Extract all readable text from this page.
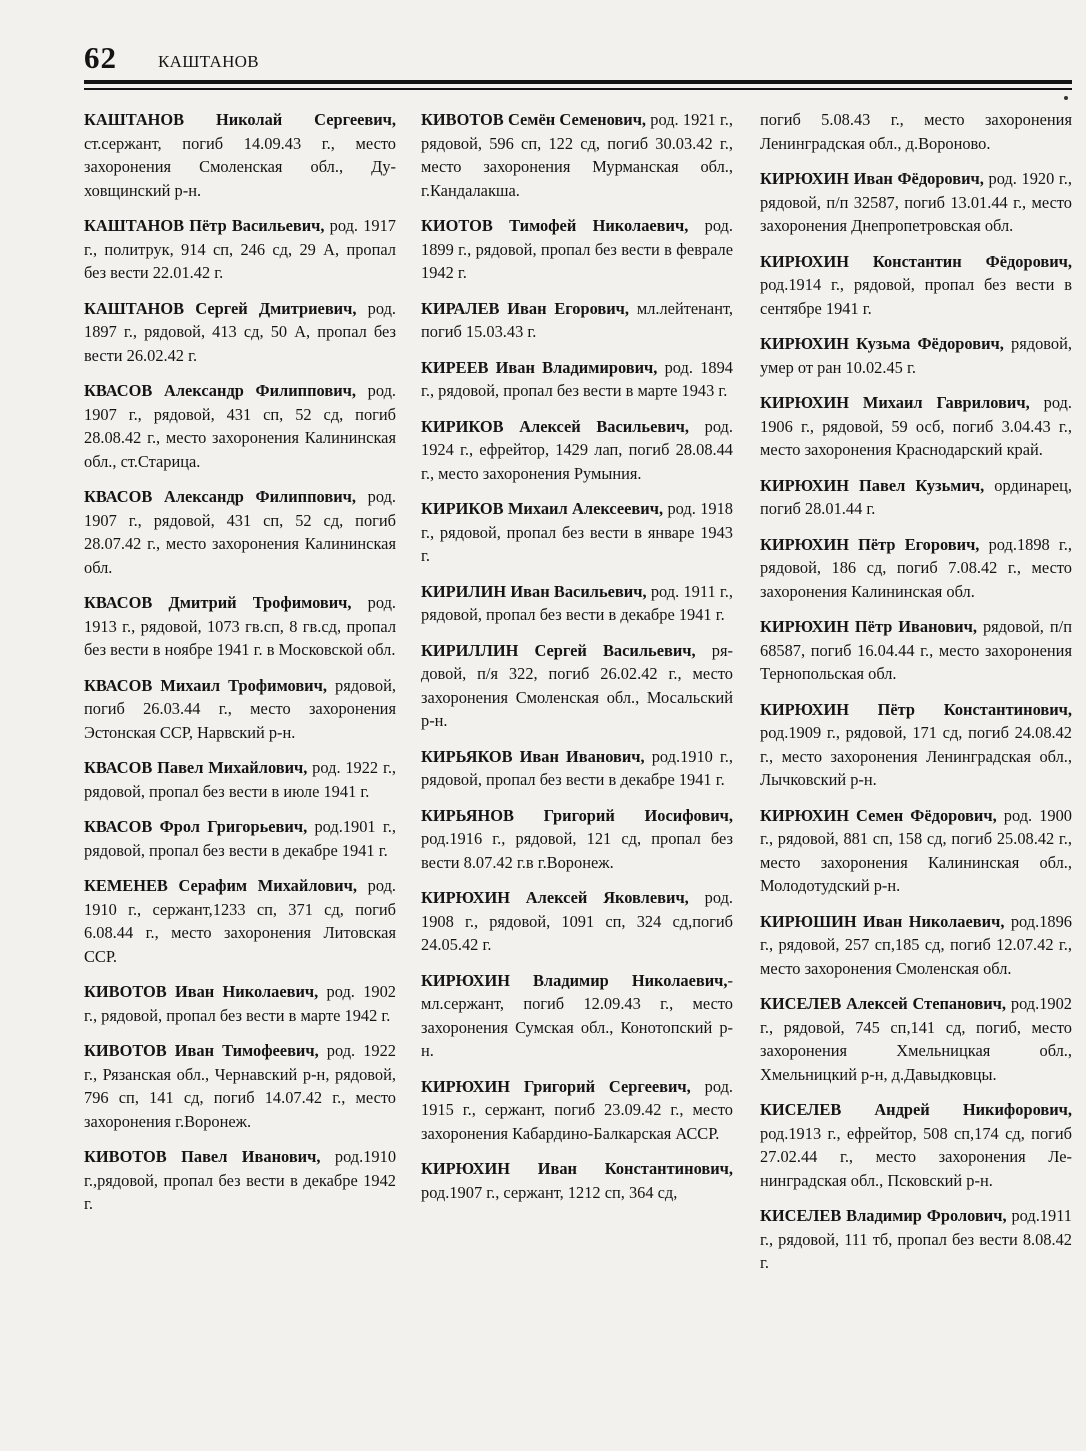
62 КАШТАНОВ

КАШТАНОВ Николай Сергеевич, ст.сержант, погиб 14.09.43 г., место захоронения Смоленская обл., Духовщинский р-н.

КАШТАНОВ Пётр Васильевич, род. 1917 г., политрук, 914 сп, 246 сд, 29 А, пропал без вести 22.01.42 г.

КАШТАНОВ Сергей Дмитриевич, род. 1897 г., рядовой, 413 сд, 50 А, пропал без вести 26.02.42 г.

КВАСОВ Александр Филиппович, род. 1907 г., рядовой, 431 сп, 52 сд, погиб 28.08.42 г., место захоронения Калининская обл., ст.Старица.

КВАСОВ Александр Филиппович, род. 1907 г., рядовой, 431 сп, 52 сд, погиб 28.07.42 г., место захоронения Калининская обл.

КВАСОВ Дмитрий Трофимович, род. 1913 г., рядовой, 1073 гв.сп, 8 гв.сд, пропал без вести в ноябре 1941 г. в Московской обл.

КВАСОВ Михаил Трофимович, рядовой, погиб 26.03.44 г., место захоронения Эстонская ССР, Нарвский р-н.

КВАСОВ Павел Михайлович, род. 1922 г., рядовой, пропал без вести в июле 1941 г.

КВАСОВ Фрол Григорьевич, род.1901 г., рядовой, пропал без вести в декабре 1941 г.

КЕМЕНЕВ Серафим Михайлович, род. 1910 г., сержант,1233 сп, 371 сд, погиб 6.08.44 г., место захоронения Литовская ССР.

КИВОТОВ Иван Николаевич, род. 1902 г., рядовой, пропал без вести в марте 1942 г.

КИВОТОВ Иван Тимофеевич, род. 1922 г., Рязанская обл., Чернавский р-н, рядовой, 796 сп, 141 сд, погиб 14.07.42 г., место захоронения г.Воронеж.

КИВОТОВ Павел Иванович, род.1910 г.,рядовой, пропал без вести в декабре 1942 г.

КИВОТОВ Семён Семенович, род. 1921 г., рядовой, 596 сп, 122 сд, погиб 30.03.42 г., место захоронения Мурманская обл., г.Кандалакша.

КИОТОВ Тимофей Николаевич, род. 1899 г., рядовой, пропал без вести в феврале 1942 г.

КИРАЛЕВ Иван Егорович, мл.лейтенант, погиб 15.03.43 г.

КИРЕЕВ Иван Владимирович, род. 1894 г., рядовой, пропал без вести в марте 1943 г.

КИРИКОВ Алексей Васильевич, род. 1924 г., ефрейтор, 1429 лап, погиб 28.08.44 г., место захоронения Румыния.

КИРИКОВ Михаил Алексеевич, род. 1918 г., рядовой, пропал без вести в январе 1943 г.

КИРИЛИН Иван Васильевич, род. 1911 г., рядовой, пропал без вести в декабре 1941 г.

КИРИЛЛИН Сергей Васильевич, рядовой, п/я 322, погиб 26.02.42 г., место захоронения Смоленская обл., Мосальский р-н.

КИРЬЯКОВ Иван Иванович, род.1910 г., рядовой, пропал без вести в декабре 1941 г.

КИРЬЯНОВ Григорий Иосифович, род.1916 г., рядовой, 121 сд, пропал без вести 8.07.42 г.в г.Воронеж.

КИРЮХИН Алексей Яковлевич, род. 1908 г., рядовой, 1091 сп, 324 сд,погиб 24.05.42 г.

КИРЮХИН Владимир Николаевич,- мл.сержант, погиб 12.09.43 г., место захоронения Сумская обл., Конотопский р-н.

КИРЮХИН Григорий Сергеевич, род. 1915 г., сержант, погиб 23.09.42 г., место захоронения Кабардино-Балкарская АССР.

КИРЮХИН Иван Константинович, род.1907 г., сержант, 1212 сп, 364 сд,

погиб 5.08.43 г., место захоронения Ленинградская обл., д.Вороново.

КИРЮХИН Иван Фёдорович, род. 1920 г., рядовой, п/п 32587, погиб 13.01.44 г., место захоронения Днепропетровская обл.

КИРЮХИН Константин Фёдорович, род.1914 г., рядовой, пропал без вести в сентябре 1941 г.

КИРЮХИН Кузьма Фёдорович, рядовой, умер от ран 10.02.45 г.

КИРЮХИН Михаил Гаврилович, род. 1906 г., рядовой, 59 осб, погиб 3.04.43 г., место захоронения Краснодарский край.

КИРЮХИН Павел Кузьмич, ординарец, погиб 28.01.44 г.

КИРЮХИН Пётр Егорович, род.1898 г., рядовой, 186 сд, погиб 7.08.42 г., место захоронения Калининская обл.

КИРЮХИН Пётр Иванович, рядовой, п/п 68587, погиб 16.04.44 г., место захоронения Тернопольская обл.

КИРЮХИН Пётр Константинович, род.1909 г., рядовой, 171 сд, погиб 24.08.42 г., место захоронения Ленинградская обл., Лычковский р-н.

КИРЮХИН Семен Фёдорович, род. 1900 г., рядовой, 881 сп, 158 сд, погиб 25.08.42 г., место захоронения Калининская обл., Молодотудский р-н.

КИРЮШИН Иван Николаевич, род.1896 г., рядовой, 257 сп,185 сд, погиб 12.07.42 г., место захоронения Смоленская обл.

КИСЕЛЕВ Алексей Степанович, род.1902 г., рядовой, 745 сп,141 сд, погиб, место захоронения Хмельницкая обл., Хмельницкий р-н, д.Давыдковцы.

КИСЕЛЕВ Андрей Никифорович, род.1913 г., ефрейтор, 508 сп,174 сд, погиб 27.02.44 г., место захоронения Ленинградская обл., Псковский р-н.

КИСЕЛЕВ Владимир Фролович, род.1911 г., рядовой, 111 тб, пропал без вести 8.08.42 г.
